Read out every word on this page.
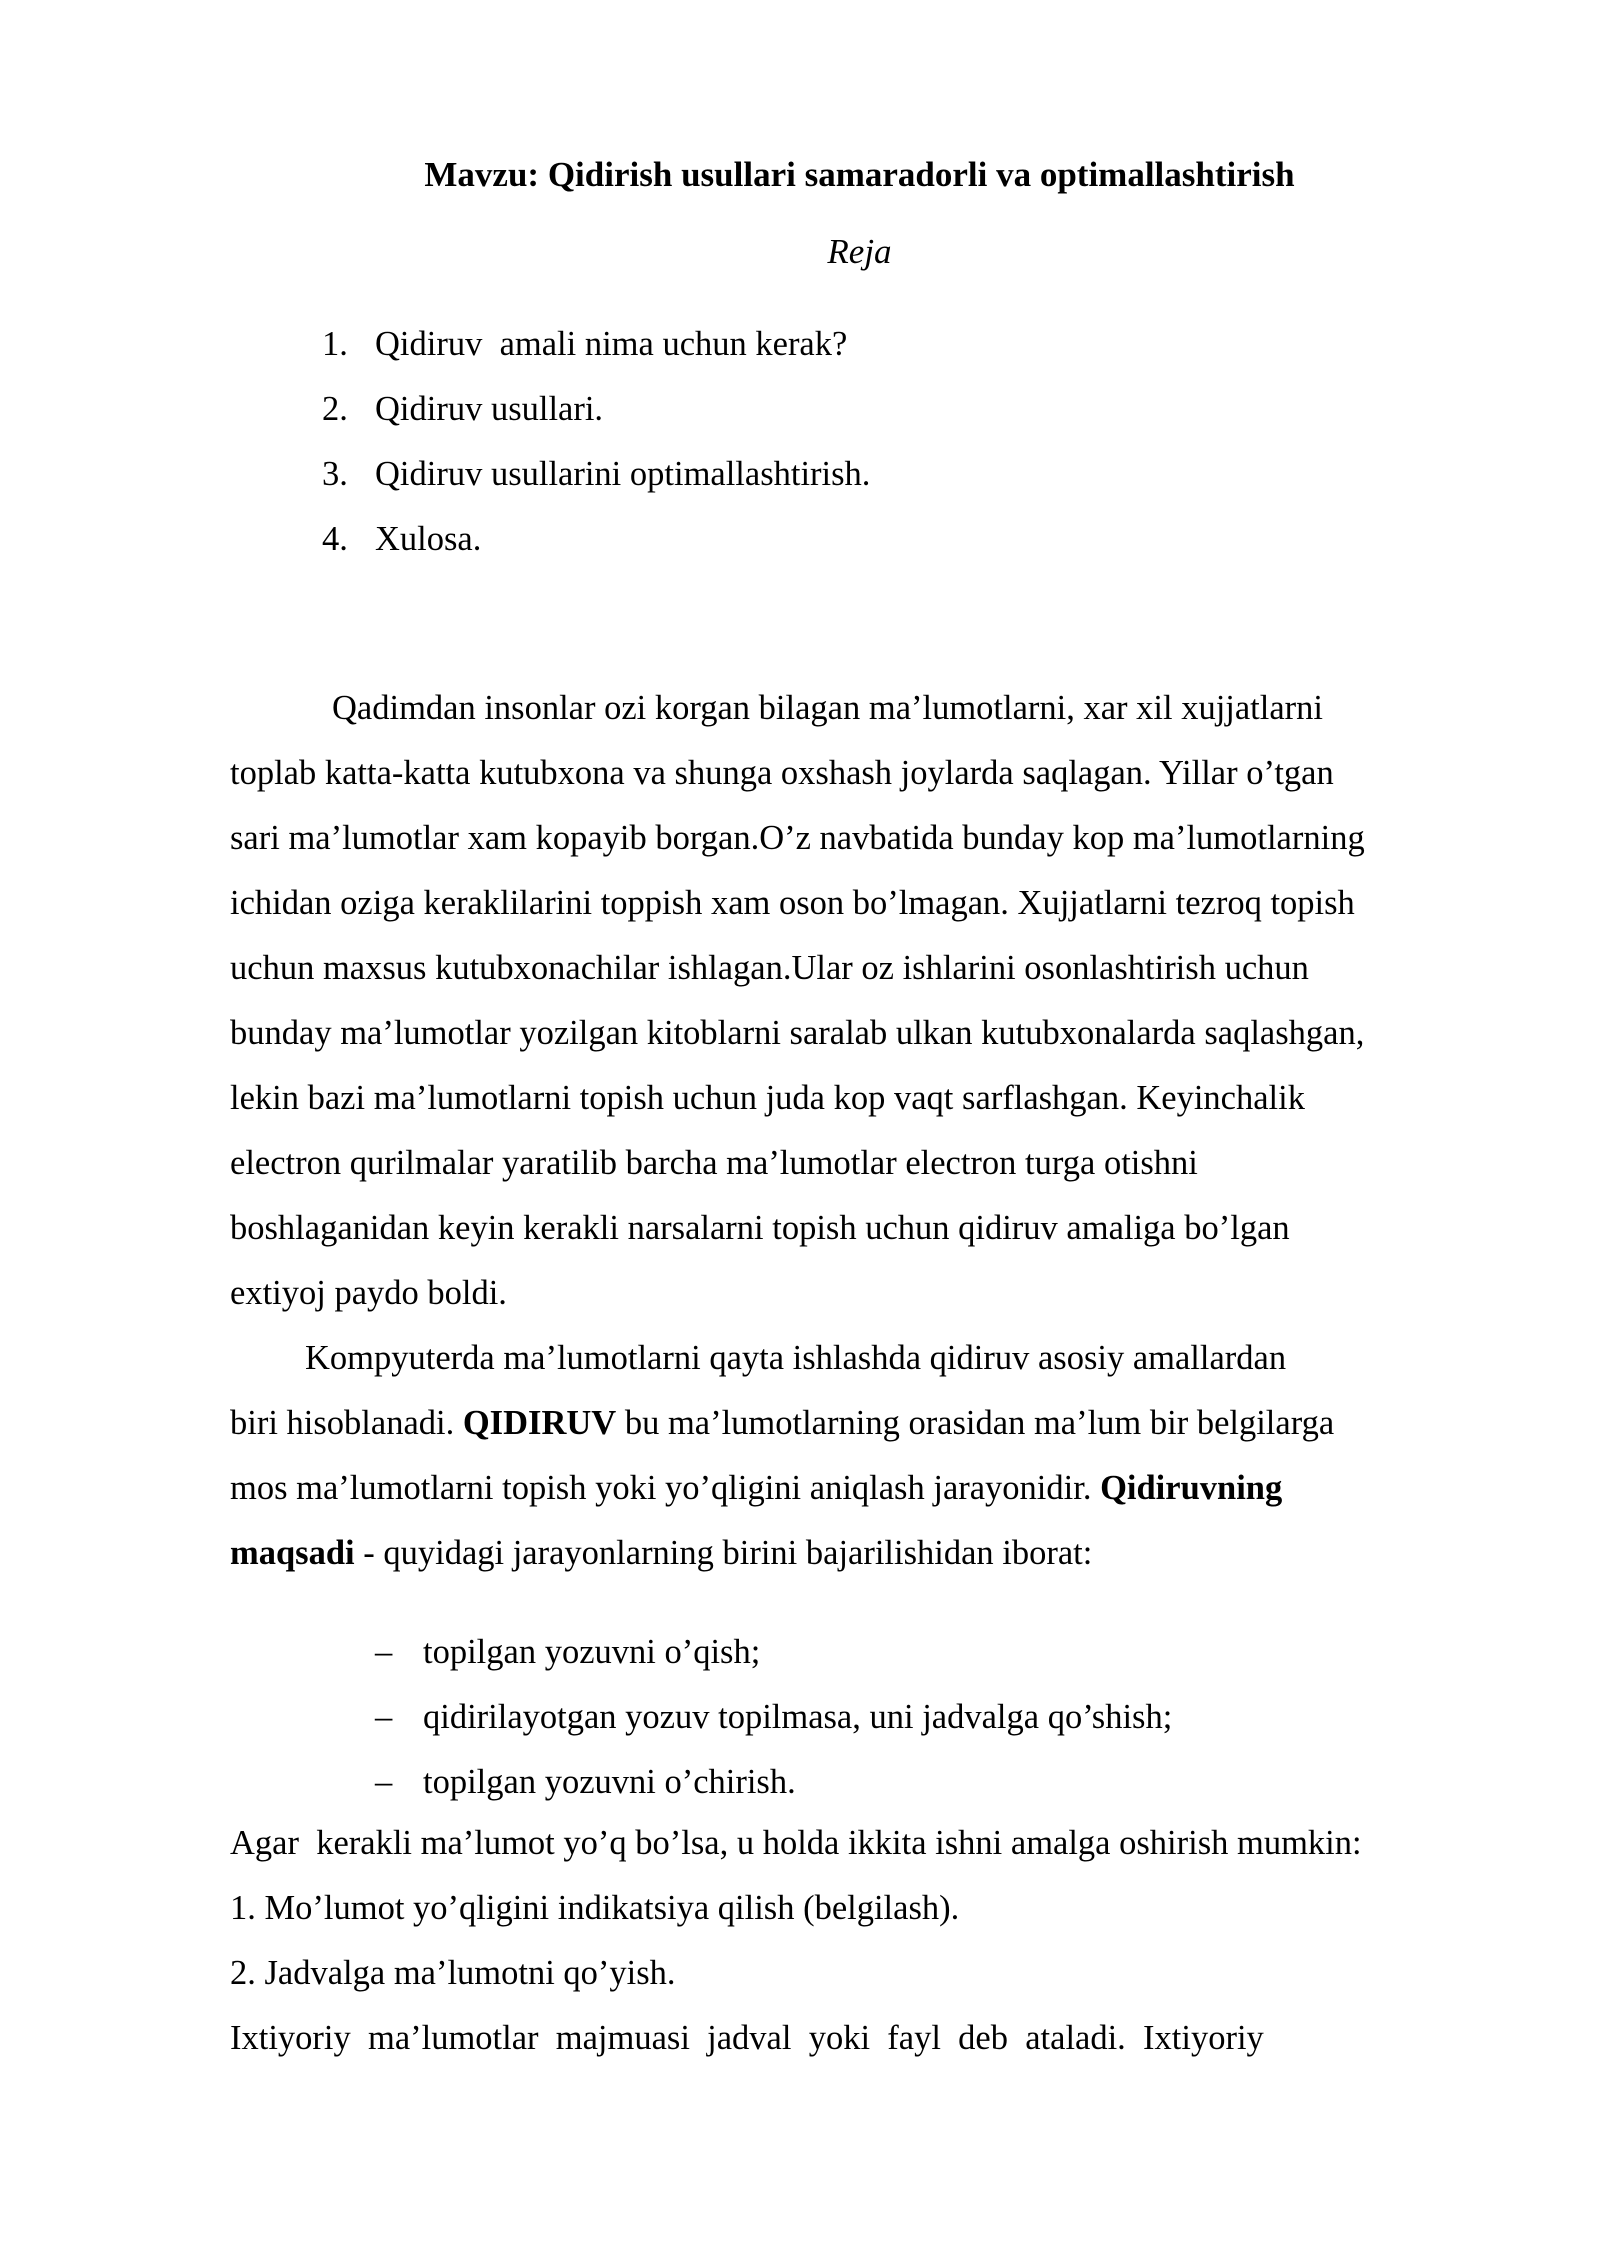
Mavzu: Qidirish usullari samaradorli va optimallashtirish
Reja
1. Qidiruv  amali nima uchun kerak?
2. Qidiruv usullari.
3. Qidiruv usullarini optimallashtirish.
4. Xulosa.
Qadimdan insonlar ozi korgan bilagan ma’lumotlarni, xar xil xujjatlarni
toplab katta-katta kutubxona va shunga oxshash joylarda saqlagan. Yillar o’tgan
sari ma’lumotlar xam kopayib borgan.O’z navbatida bunday kop ma’lumotlarning
ichidan oziga keraklilarini toppish xam oson bo’lmagan. Xujjatlarni tezroq topish
uchun maxsus kutubxonachilar ishlagan.Ular oz ishlarini osonlashtirish uchun
bunday ma’lumotlar yozilgan kitoblarni saralab ulkan kutubxonalarda saqlashgan,
lekin bazi ma’lumotlarni topish uchun juda kop vaqt sarflashgan. Keyinchalik
electron qurilmalar yaratilib barcha ma’lumotlar electron turga otishni
boshlaganidan keyin kerakli narsalarni topish uchun qidiruv amaliga bo’lgan
extiyoj paydo boldi.
Kompyuterda ma’lumotlarni qayta ishlashda qidiruv asosiy amallardan
biri hisoblanadi. QIDIRUV bu ma’lumotlarning orasidan ma’lum bir belgilarga
mos ma’lumotlarni topish yoki yo’qligini aniqlash jarayonidir. Qidiruvning
maqsadi - quyidagi jarayonlarning birini bajarilishidan iborat:
– topilgan yozuvni o’qish;
– qidirilayotgan yozuv topilmasa, uni jadvalga qo’shish;
– topilgan yozuvni o’chirish.
Agar  kerakli ma’lumot yo’q bo’lsa, u holda ikkita ishni amalga oshirish mumkin:
1. Mo’lumot yo’qligini indikatsiya qilish (belgilash).
2. Jadvalga ma’lumotni qo’yish.
Ixtiyoriy  ma’lumotlar  majmuasi  jadval  yoki  fayl  deb  ataladi.  Ixtiyoriy
